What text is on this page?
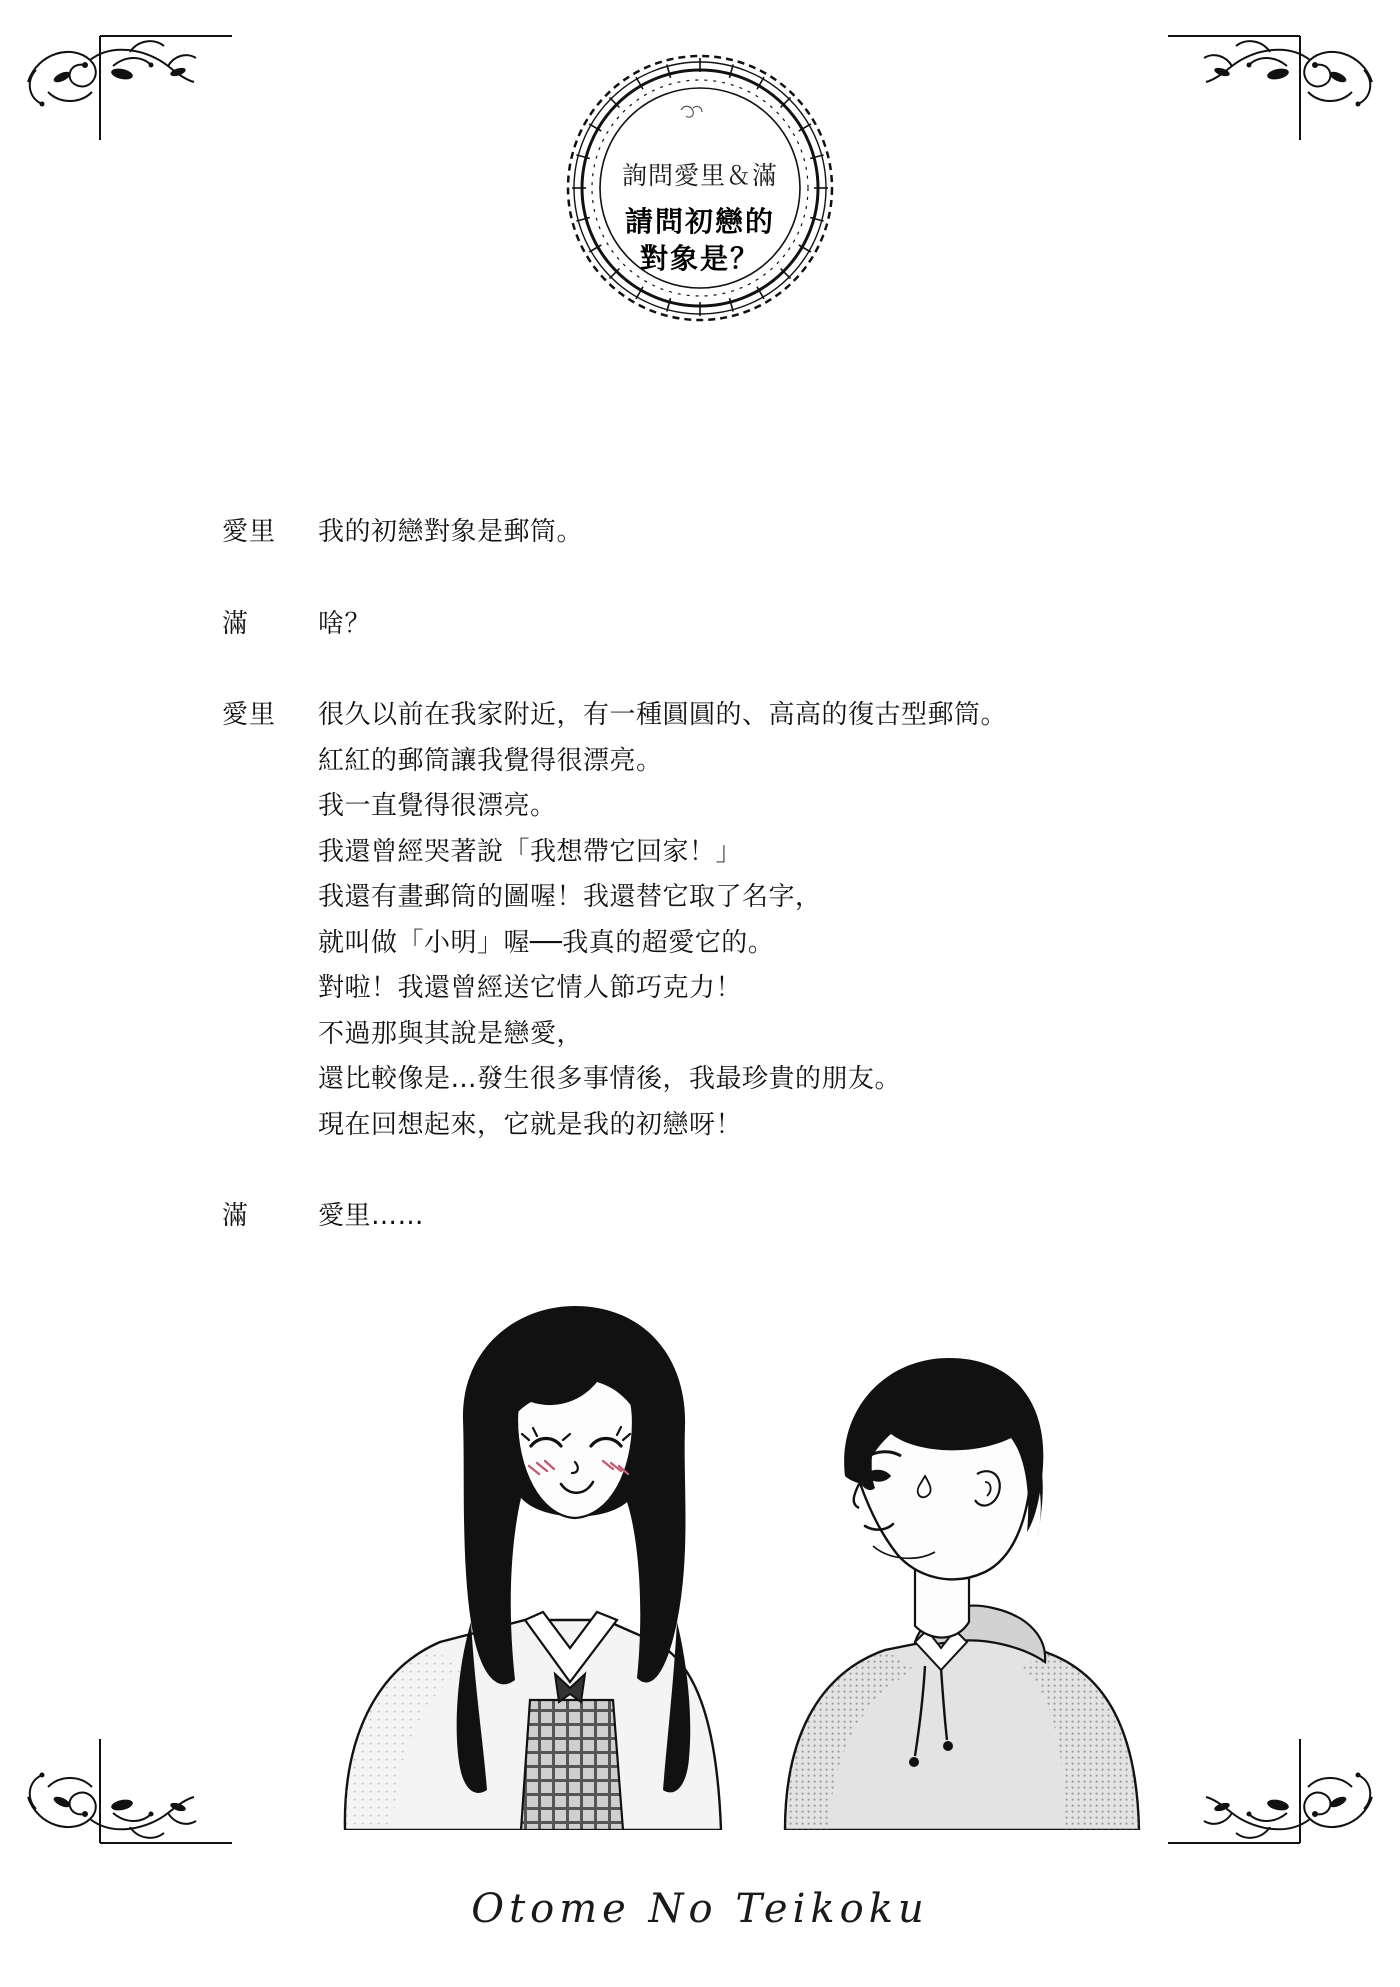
詢問愛里＆滿
請問初戀的
對象是？
愛里	我的初戀對象是郵筒。
滿	啥？
愛里	很久以前在我家附近，有一種圓圓的、高高的復古型郵筒。
紅紅的郵筒讓我覺得很漂亮。
我一直覺得很漂亮。
我還曾經哭著說「我想帶它回家！」
我還有畫郵筒的圖喔！我還替它取了名字，
就叫做「小明」喔──我真的超愛它的。
對啦！我還曾經送它情人節巧克力！
不過那與其說是戀愛，
還比較像是…發生很多事情後，我最珍貴的朋友。
現在回想起來，它就是我的初戀呀！
滿	愛里……
Otome No Teikoku
